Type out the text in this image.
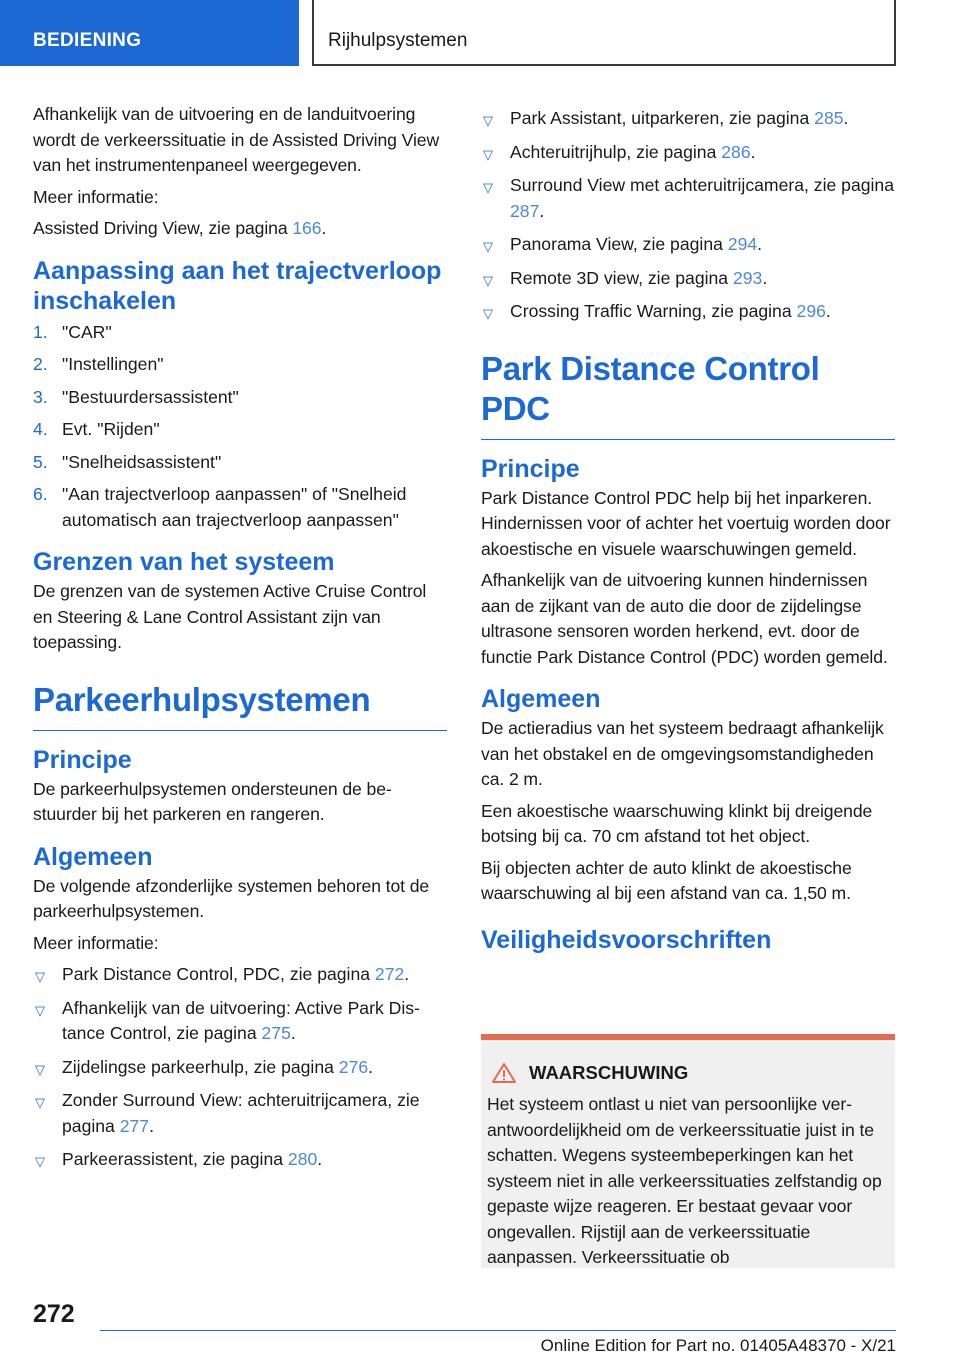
BEDIENING	Rijhulpsystemen

Afhankelijk van de uitvoering en de landuitvoering wordt de verkeerssituatie in de Assisted Driving View van het instrumentenpaneel weergegeven.

Meer informatie:

Assisted Driving View, zie pagina 166.

Aanpassing aan het trajectverloop inschakelen
1. "CAR"
2. "Instellingen"
3. "Bestuurdersassistent"
4. Evt. "Rijden"
5. "Snelheidsassistent"
6. "Aan trajectverloop aanpassen" of "Snelheid automatisch aan trajectverloop aanpassen"
Grenzen van het systeem

De grenzen van de systemen Active Cruise Control en Steering & Lane Control Assistant zijn van toepassing.

Parkeerhulpsystemen
Principe

De parkeerhulpsystemen ondersteunen de bestuurder bij het parkeren en rangeren.

Algemeen

De volgende afzonderlijke systemen behoren tot de parkeerhulpsystemen.

Meer informatie:

▽ Park Distance Control, PDC, zie pagina 272.
▽ Afhankelijk van de uitvoering: Active Park Distance Control, zie pagina 275.
▽ Zijdelingse parkeerhulp, zie pagina 276.
▽ Zonder Surround View: achteruitrijcamera, zie pagina 277.
▽ Parkeerassistent, zie pagina 280.
▽ Park Assistant, uitparkeren, zie pagina 285.
▽ Achteruitrijhulp, zie pagina 286.
▽ Surround View met achteruitrijcamera, zie pagina 287.
▽ Panorama View, zie pagina 294.
▽ Remote 3D view, zie pagina 293.
▽ Crossing Traffic Warning, zie pagina 296.
Park Distance Control PDC
Principe

Park Distance Control PDC help bij het inparkeren. Hindernissen voor of achter het voertuig worden door akoestische en visuele waarschuwingen gemeld.

Afhankelijk van de uitvoering kunnen hindernissen aan de zijkant van de auto die door de zijdelingse ultrasone sensoren worden herkend, evt. door de functie Park Distance Control (PDC) worden gemeld.

Algemeen

De actieradius van het systeem bedraagt afhankelijk van het obstakel en de omgevingsomstandigheden ca. 2 m.

Een akoestische waarschuwing klinkt bij dreigende botsing bij ca. 70 cm afstand tot het object.

Bij objecten achter de auto klinkt de akoestische waarschuwing al bij een afstand van ca. 1,50 m.

Veiligheidsvoorschriften
WAARSCHUWING

Het systeem ontlast u niet van persoonlijke verantwoordelijkheid om de verkeerssituatie juist in te schatten. Wegens systeembeperkingen kan het systeem niet in alle verkeerssituaties zelfstandig op gepaste wijze reageren. Er bestaat gevaar voor ongevallen. Rijstijl aan de verkeerssituatie aanpassen. Verkeerssituatie ob

272
Online Edition for Part no. 01405A48370 - X/21
